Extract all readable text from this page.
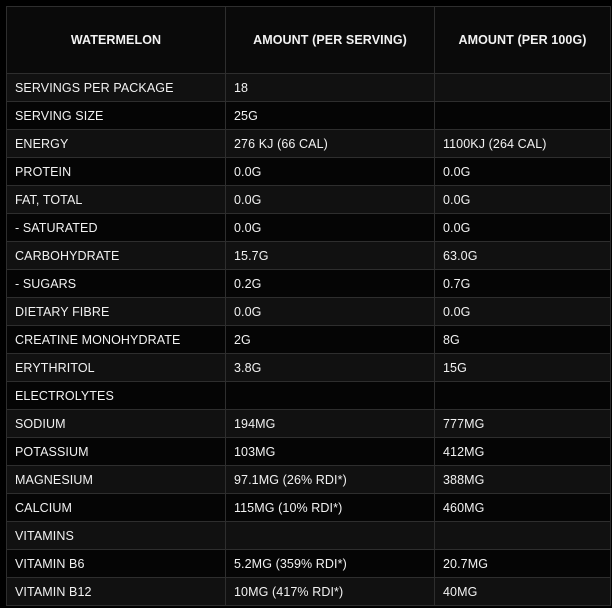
WATERMELON	AMOUNT (PER SERVING)	AMOUNT (PER 100G)
SERVINGS PER PACKAGE	18	
SERVING SIZE	25G	
ENERGY	276 KJ (66 CAL)	1100KJ (264 CAL)
PROTEIN	0.0G	0.0G
FAT, TOTAL	0.0G	0.0G
- SATURATED	0.0G	0.0G
CARBOHYDRATE	15.7G	63.0G
- SUGARS	0.2G	0.7G
DIETARY FIBRE	0.0G	0.0G
CREATINE MONOHYDRATE	2G	8G
ERYTHRITOL	3.8G	15G
ELECTROLYTES		
SODIUM	194MG	777MG
POTASSIUM	103MG	412MG
MAGNESIUM	97.1MG (26% RDI*)	388MG
CALCIUM	115MG (10% RDI*)	460MG
VITAMINS		
VITAMIN B6	5.2MG (359% RDI*)	20.7MG
VITAMIN B12	10MG (417% RDI*)	40MG
